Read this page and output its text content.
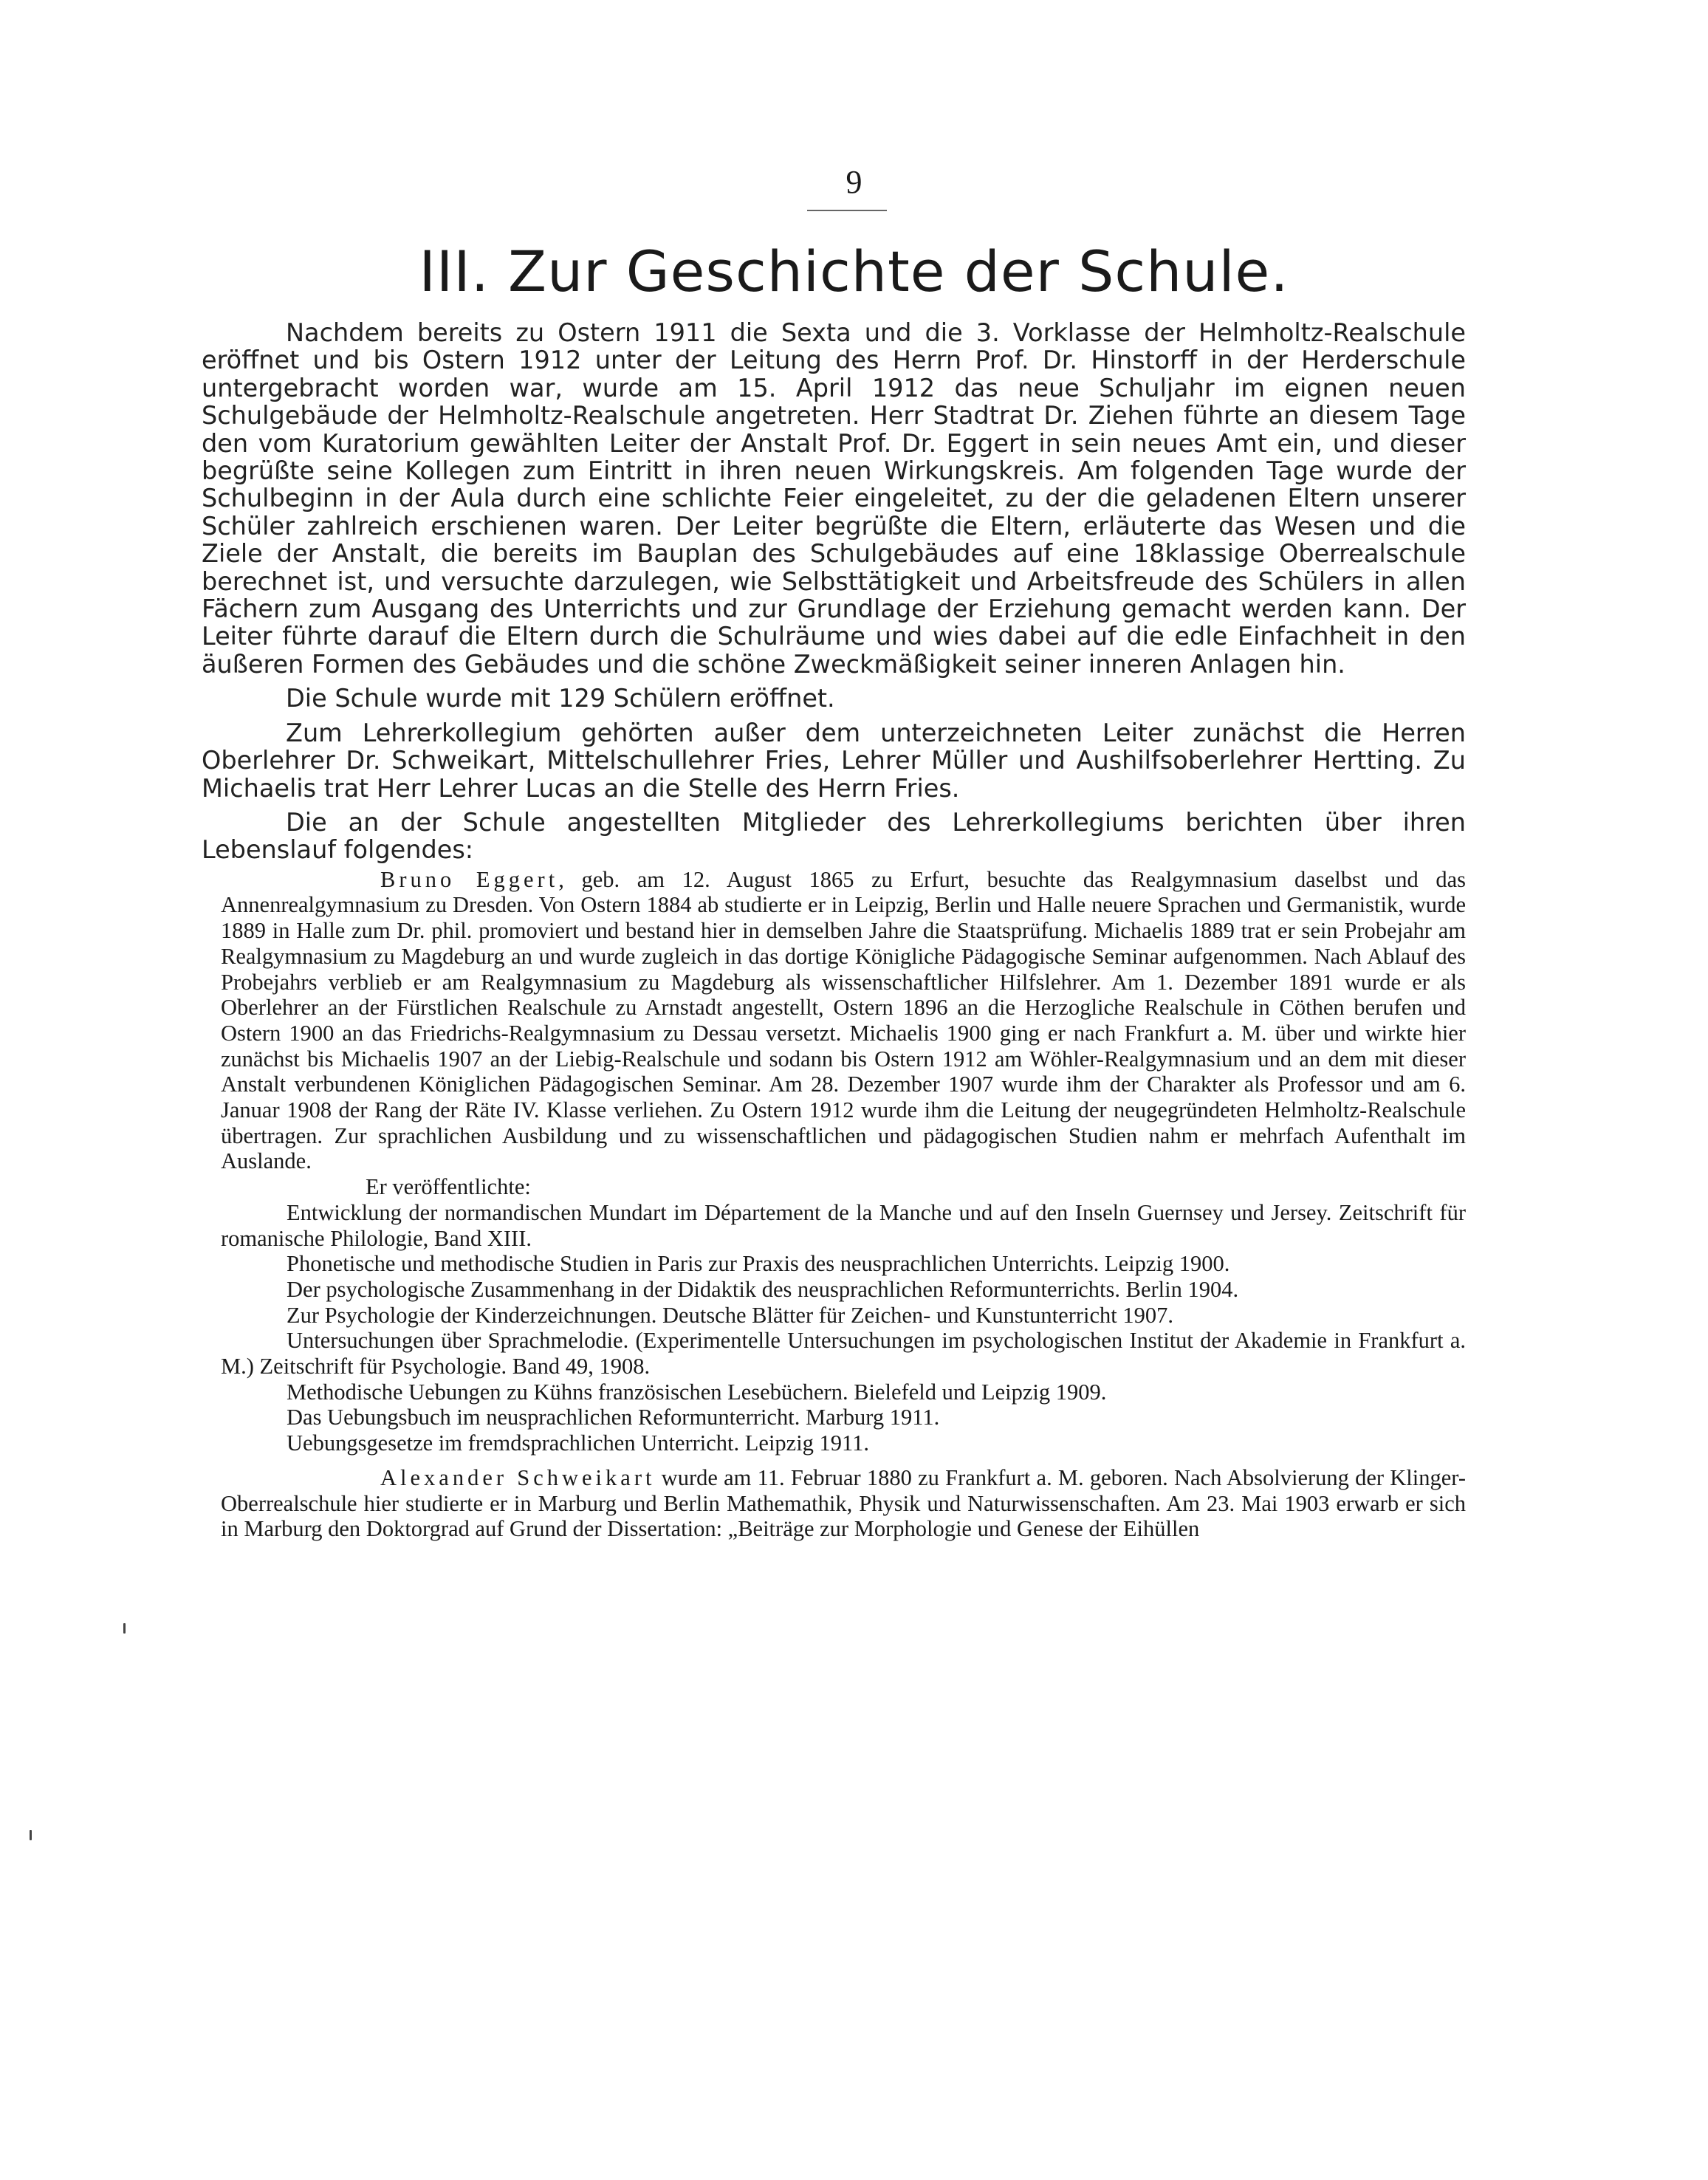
9
III. Zur Geschichte der Schule.

Nachdem bereits zu Ostern 1911 die Sexta und die 3. Vorklasse der Helmholtz-Realschule eröffnet und bis Ostern 1912 unter der Leitung des Herrn Prof. Dr. Hinstorff in der Herderschule untergebracht worden war, wurde am 15. April 1912 das neue Schuljahr im eignen neuen Schulgebäude der Helmholtz-Realschule angetreten. Herr Stadtrat Dr. Ziehen führte an diesem Tage den vom Kuratorium gewählten Leiter der Anstalt Prof. Dr. Eggert in sein neues Amt ein, und dieser begrüßte seine Kollegen zum Eintritt in ihren neuen Wirkungskreis. Am folgenden Tage wurde der Schulbeginn in der Aula durch eine schlichte Feier eingeleitet, zu der die geladenen Eltern unserer Schüler zahlreich erschienen waren. Der Leiter begrüßte die Eltern, erläuterte das Wesen und die Ziele der Anstalt, die bereits im Bauplan des Schulgebäudes auf eine 18klassige Oberrealschule berechnet ist, und versuchte darzulegen, wie Selbsttätigkeit und Arbeitsfreude des Schülers in allen Fächern zum Ausgang des Unterrichts und zur Grundlage der Erziehung gemacht werden kann. Der Leiter führte darauf die Eltern durch die Schulräume und wies dabei auf die edle Einfachheit in den äußeren Formen des Gebäudes und die schöne Zweckmäßigkeit seiner inneren Anlagen hin.

Die Schule wurde mit 129 Schülern eröffnet.

Zum Lehrerkollegium gehörten außer dem unterzeichneten Leiter zunächst die Herren Oberlehrer Dr. Schweikart, Mittelschullehrer Fries, Lehrer Müller und Aushilfsoberlehrer Hertting. Zu Michaelis trat Herr Lehrer Lucas an die Stelle des Herrn Fries.

Die an der Schule angestellten Mitglieder des Lehrerkollegiums berichten über ihren Lebenslauf folgendes:

Bruno Eggert, geb. am 12. August 1865 zu Erfurt, besuchte das Realgymnasium daselbst und das Annenrealgymnasium zu Dresden. Von Ostern 1884 ab studierte er in Leipzig, Berlin und Halle neuere Sprachen und Germanistik, wurde 1889 in Halle zum Dr. phil. promoviert und bestand hier in demselben Jahre die Staatsprüfung. Michaelis 1889 trat er sein Probejahr am Realgymnasium zu Magdeburg an und wurde zugleich in das dortige Königliche Pädagogische Seminar aufgenommen. Nach Ablauf des Probejahrs verblieb er am Realgymnasium zu Magdeburg als wissenschaftlicher Hilfslehrer. Am 1. Dezember 1891 wurde er als Oberlehrer an der Fürstlichen Realschule zu Arnstadt angestellt, Ostern 1896 an die Herzogliche Realschule in Cöthen berufen und Ostern 1900 an das Friedrichs-Realgymnasium zu Dessau versetzt. Michaelis 1900 ging er nach Frankfurt a. M. über und wirkte hier zunächst bis Michaelis 1907 an der Liebig-Realschule und sodann bis Ostern 1912 am Wöhler-Realgymnasium und an dem mit dieser Anstalt verbundenen Königlichen Pädagogischen Seminar. Am 28. Dezember 1907 wurde ihm der Charakter als Professor und am 6. Januar 1908 der Rang der Räte IV. Klasse verliehen. Zu Ostern 1912 wurde ihm die Leitung der neugegründeten Helmholtz-Realschule übertragen. Zur sprachlichen Ausbildung und zu wissenschaftlichen und pädagogischen Studien nahm er mehrfach Aufenthalt im Auslande.

Er veröffentlichte:

Entwicklung der normandischen Mundart im Département de la Manche und auf den Inseln Guernsey und Jersey. Zeitschrift für romanische Philologie, Band XIII.

Phonetische und methodische Studien in Paris zur Praxis des neusprachlichen Unterrichts. Leipzig 1900.

Der psychologische Zusammenhang in der Didaktik des neusprachlichen Reformunterrichts. Berlin 1904.

Zur Psychologie der Kinderzeichnungen. Deutsche Blätter für Zeichen- und Kunstunterricht 1907.

Untersuchungen über Sprachmelodie. (Experimentelle Untersuchungen im psychologischen Institut der Akademie in Frankfurt a. M.) Zeitschrift für Psychologie. Band 49, 1908.

Methodische Uebungen zu Kühns französischen Lesebüchern. Bielefeld und Leipzig 1909.

Das Uebungsbuch im neusprachlichen Reformunterricht. Marburg 1911.

Uebungsgesetze im fremdsprachlichen Unterricht. Leipzig 1911.

Alexander Schweikart wurde am 11. Februar 1880 zu Frankfurt a. M. geboren. Nach Absolvierung der Klinger-Oberrealschule hier studierte er in Marburg und Berlin Mathemathik, Physik und Naturwissenschaften. Am 23. Mai 1903 erwarb er sich in Marburg den Doktorgrad auf Grund der Dissertation: „Beiträge zur Morphologie und Genese der Eihüllen
